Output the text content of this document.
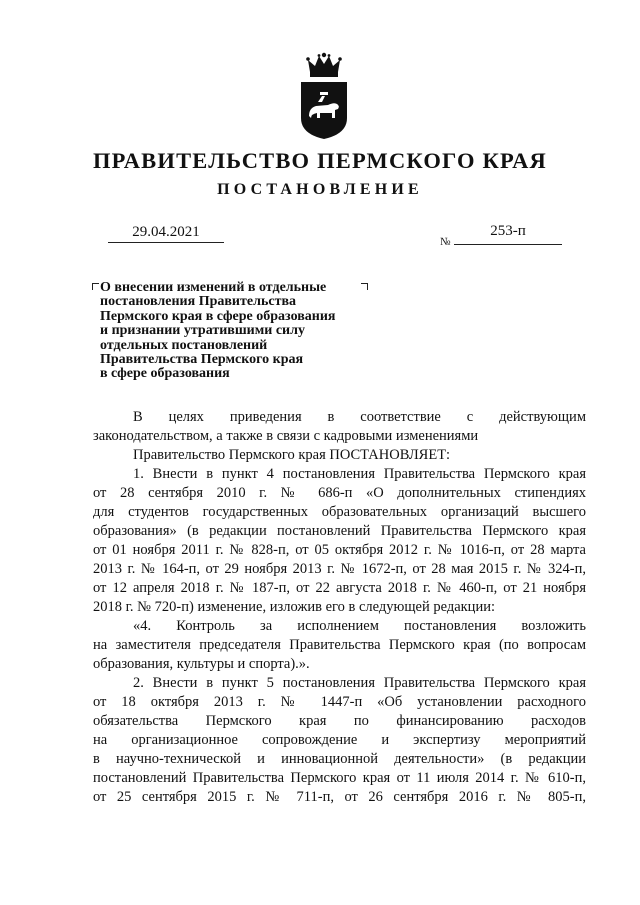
ПРАВИТЕЛЬСТВО ПЕРМСКОГО КРАЯ
ПОСТАНОВЛЕНИЕ
29.04.2021
№
253-п
О внесении изменений в отдельные
постановления Правительства
Пермского края в сфере образования
и признании утратившими силу
отдельных постановлений
Правительства Пермского края
в сфере образования
В целях приведения в соответствие с действующим
законодательством, а также в связи с кадровыми изменениями
Правительство Пермского края ПОСТАНОВЛЯЕТ:
1. Внести в пункт 4 постановления Правительства Пермского края
от 28 сентября 2010 г. № 686-п «О дополнительных стипендиях
для студентов государственных образовательных организаций высшего
образования» (в редакции постановлений Правительства Пермского края
от 01 ноября 2011 г. № 828-п, от 05 октября 2012 г. № 1016-п, от 28 марта
2013 г. № 164-п, от 29 ноября 2013 г. № 1672-п, от 28 мая 2015 г. № 324-п,
от 12 апреля 2018 г. № 187-п, от 22 августа 2018 г. № 460-п, от 21 ноября
2018 г. № 720-п) изменение, изложив его в следующей редакции:
«4. Контроль за исполнением постановления возложить
на заместителя председателя Правительства Пермского края (по вопросам
образования, культуры и спорта).».
2. Внести в пункт 5 постановления Правительства Пермского края
от 18 октября 2013 г. № 1447-п «Об установлении расходного
обязательства Пермского края по финансированию расходов
на организационное сопровождение и экспертизу мероприятий
в научно-технической и инновационной деятельности» (в редакции
постановлений Правительства Пермского края от 11 июля 2014 г. № 610-п,
от 25 сентября 2015 г. № 711-п, от 26 сентября 2016 г. № 805-п,
